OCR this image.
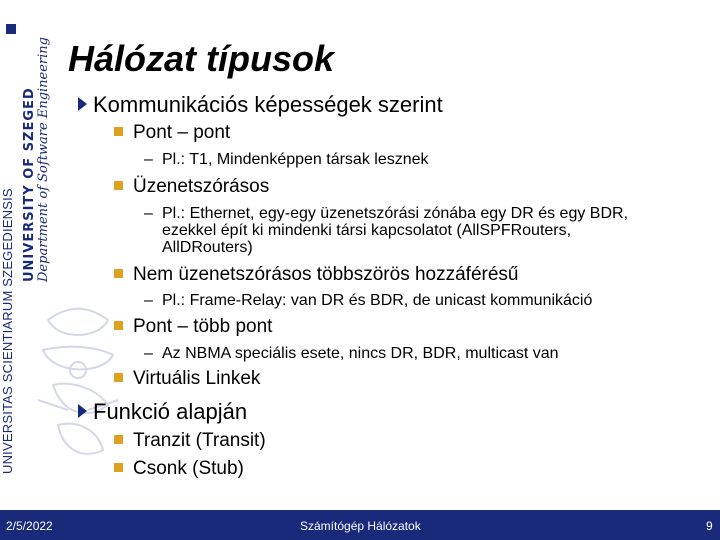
UNIVERSITAS SCIENTIARUM SZEGEDIENSIS
UNIVERSITY OF SZEGED Department of Software Engineering Hálózat típusok
Kommunikációs képességek szerint
Pont – pont
– Pl.: T1, Mindenképpen társak lesznek
Üzenetszórásos
– Pl.: Ethernet, egy-egy üzenetszórási zónába egy DR és egy BDR, ezekkel épít ki mindenki társi kapcsolatot (AllSPFRouters, AllDRouters)
Nem üzenetszórásos többszörös hozzáférésű
– Pl.: Frame-Relay: van DR és BDR, de unicast kommunikáció
Pont – több pont
– Az NBMA speciális esete, nincs DR, BDR, multicast van
Virtuális Linkek
Funkció alapján
Tranzit (Transit)
Csonk (Stub)
2/5/2022	Számítógép Hálózatok	9
